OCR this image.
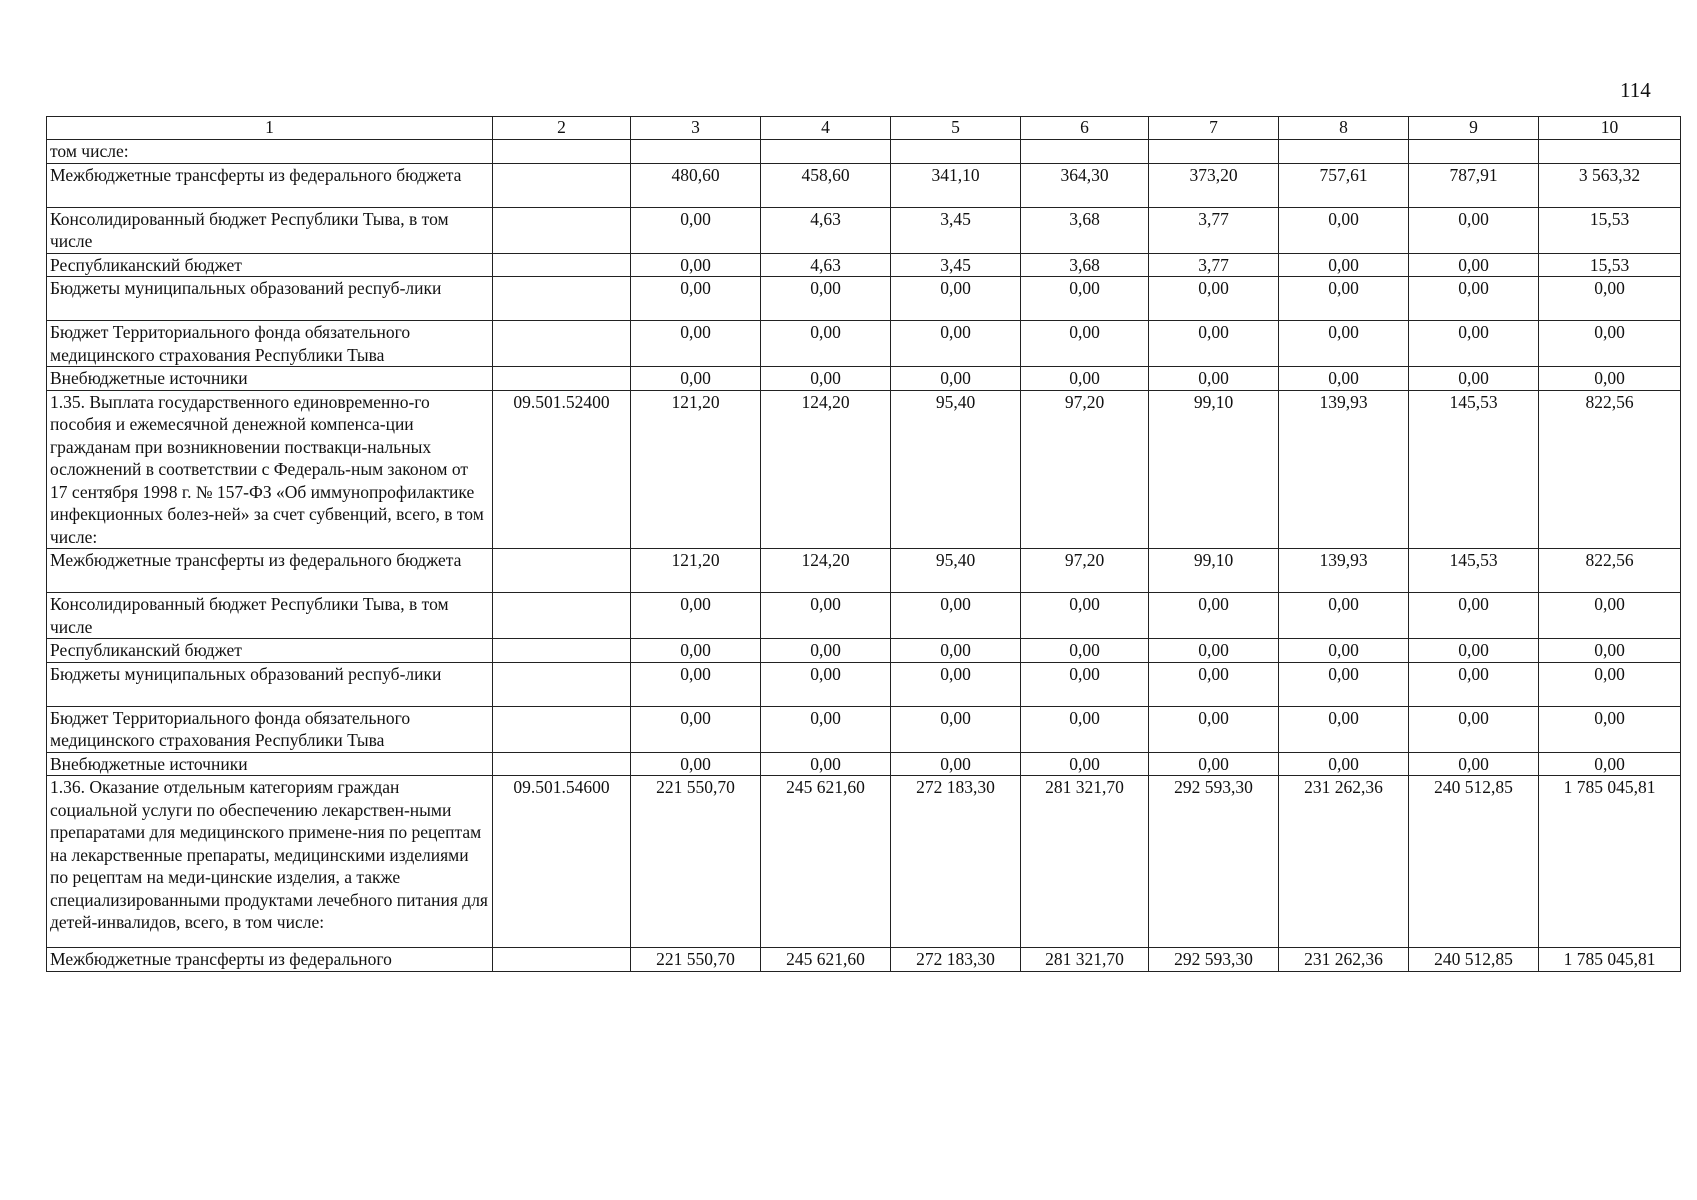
114
1	2	3	4	5	6	7	8	9	10
том числе:									
Межбюджетные трансферты из федерального бюджета		480,60	458,60	341,10	364,30	373,20	757,61	787,91	3 563,32
Консолидированный бюджет Республики Тыва, в том числе		0,00	4,63	3,45	3,68	3,77	0,00	0,00	15,53
Республиканский бюджет		0,00	4,63	3,45	3,68	3,77	0,00	0,00	15,53
Бюджеты муниципальных образований респуб-лики		0,00	0,00	0,00	0,00	0,00	0,00	0,00	0,00
Бюджет Территориального фонда обязательного медицинского страхования Республики Тыва		0,00	0,00	0,00	0,00	0,00	0,00	0,00	0,00
Внебюджетные источники		0,00	0,00	0,00	0,00	0,00	0,00	0,00	0,00
1.35. Выплата государственного единовременно-го пособия и ежемесячной денежной компенса-ции гражданам при возникновении поствакци-нальных осложнений в соответствии с Федераль-ным законом от 17 сентября 1998 г. № 157-ФЗ «Об иммунопрофилактике инфекционных болез-ней» за счет субвенций, всего, в том числе:	09.501.52400	121,20	124,20	95,40	97,20	99,10	139,93	145,53	822,56
Межбюджетные трансферты из федерального бюджета		121,20	124,20	95,40	97,20	99,10	139,93	145,53	822,56
Консолидированный бюджет Республики Тыва, в том числе		0,00	0,00	0,00	0,00	0,00	0,00	0,00	0,00
Республиканский бюджет		0,00	0,00	0,00	0,00	0,00	0,00	0,00	0,00
Бюджеты муниципальных образований респуб-лики		0,00	0,00	0,00	0,00	0,00	0,00	0,00	0,00
Бюджет Территориального фонда обязательного медицинского страхования Республики Тыва		0,00	0,00	0,00	0,00	0,00	0,00	0,00	0,00
Внебюджетные источники		0,00	0,00	0,00	0,00	0,00	0,00	0,00	0,00
1.36. Оказание отдельным категориям граждан социальной услуги по обеспечению лекарствен-ными препаратами для медицинского примене-ния по рецептам на лекарственные препараты, медицинскими изделиями по рецептам на меди-цинские изделия, а также специализированными продуктами лечебного питания для детей-инвалидов, всего, в том числе:	09.501.54600	221 550,70	245 621,60	272 183,30	281 321,70	292 593,30	231 262,36	240 512,85	1 785 045,81
Межбюджетные трансферты из федерального		221 550,70	245 621,60	272 183,30	281 321,70	292 593,30	231 262,36	240 512,85	1 785 045,81
